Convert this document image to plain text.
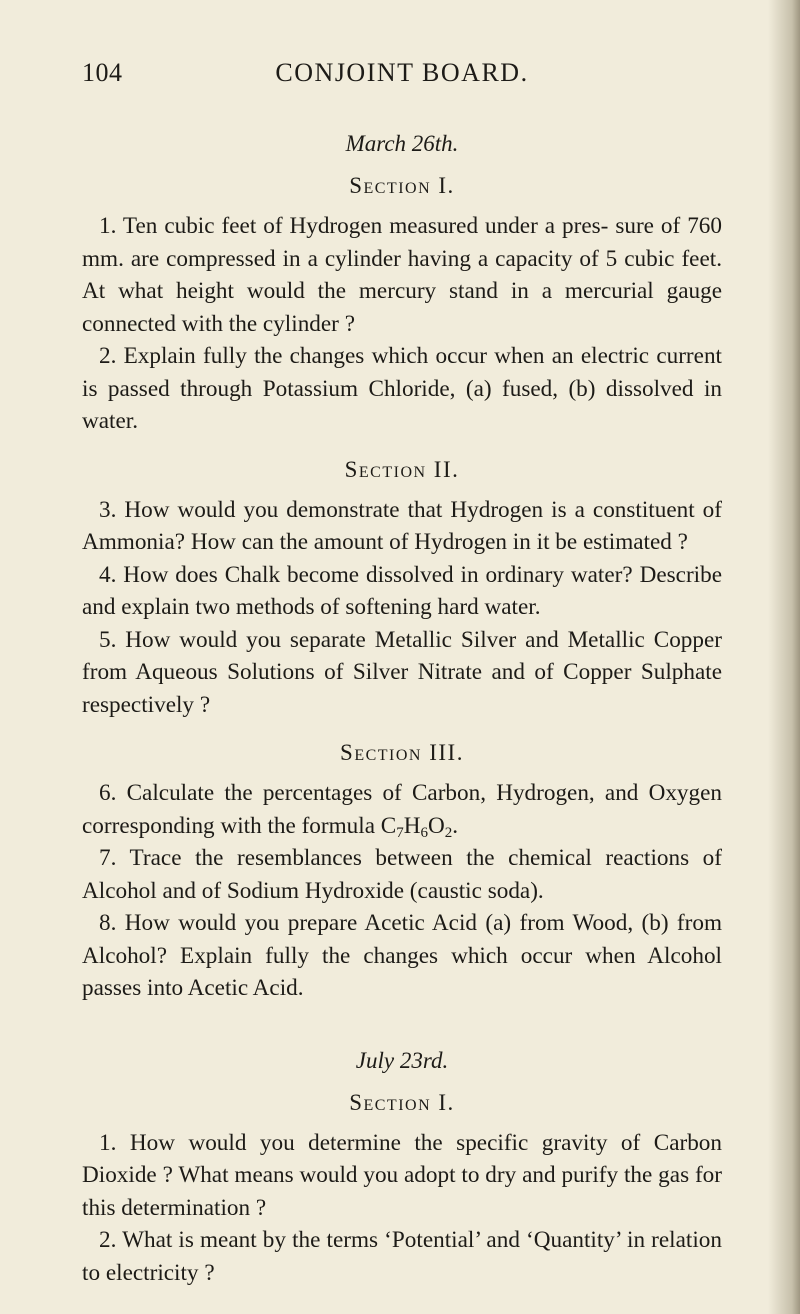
104	CONJOINT BOARD.

March 26th.

Section I.

1. Ten cubic feet of Hydrogen measured under a pres- sure of 760 mm. are compressed in a cylinder having a capacity of 5 cubic feet. At what height would the mercury stand in a mercurial gauge connected with the cylinder ?

2. Explain fully the changes which occur when an electric current is passed through Potassium Chloride, (a) fused, (b) dissolved in water.

Section II.

3. How would you demonstrate that Hydrogen is a constituent of Ammonia? How can the amount of Hydrogen in it be estimated ?

4. How does Chalk become dissolved in ordinary water? Describe and explain two methods of softening hard water.

5. How would you separate Metallic Silver and Metallic Copper from Aqueous Solutions of Silver Nitrate and of Copper Sulphate respectively ?

Section III.

6. Calculate the percentages of Carbon, Hydrogen, and Oxygen corresponding with the formula $C_7H_6O_2$.

7. Trace the resemblances between the chemical reactions of Alcohol and of Sodium Hydroxide (caustic soda).

8. How would you prepare Acetic Acid (a) from Wood, (b) from Alcohol? Explain fully the changes which occur when Alcohol passes into Acetic Acid.

July 23rd.

Section I.

1. How would you determine the specific gravity of Carbon Dioxide ? What means would you adopt to dry and purify the gas for this determination ?

2. What is meant by the terms ‘Potential’ and ‘Quantity’ in relation to electricity ?
